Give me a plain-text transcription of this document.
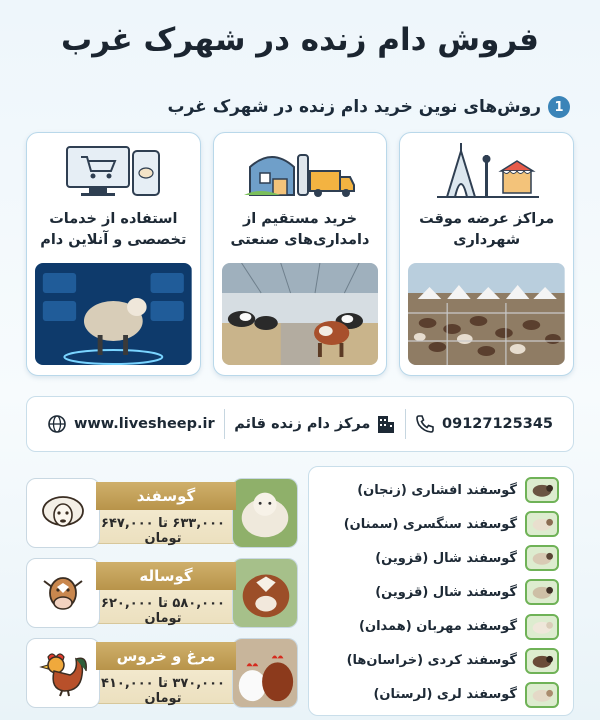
فروش دام زنده در شهرک غرب
1
روش‌های نوین خرید دام زنده در شهرک غرب
مراکز عرضه موقت
شهرداری
خرید مستقیم از
دامداری‌های صنعتی
استفاده از خدمات
تخصصی و آنلاین دام
09127125345
مرکز دام زنده قائم
www.livesheep.ir
گوسفند
۶۳۳,۰۰۰ تا ۶۴۷,۰۰۰ تومان
گوساله
۵۸۰,۰۰۰ تا ۶۲۰,۰۰۰ تومان
مرغ و خروس
۳۷۰,۰۰۰ تا ۴۱۰,۰۰۰ تومان
گوسفند افشاری (زنجان)
گوسفند سنگسری (سمنان)
گوسفند شال (قزوین)
گوسفند شال (قزوین)
گوسفند مهربان (همدان)
گوسفند کردی (خراسان‌ها)
گوسفند لری (لرستان)
